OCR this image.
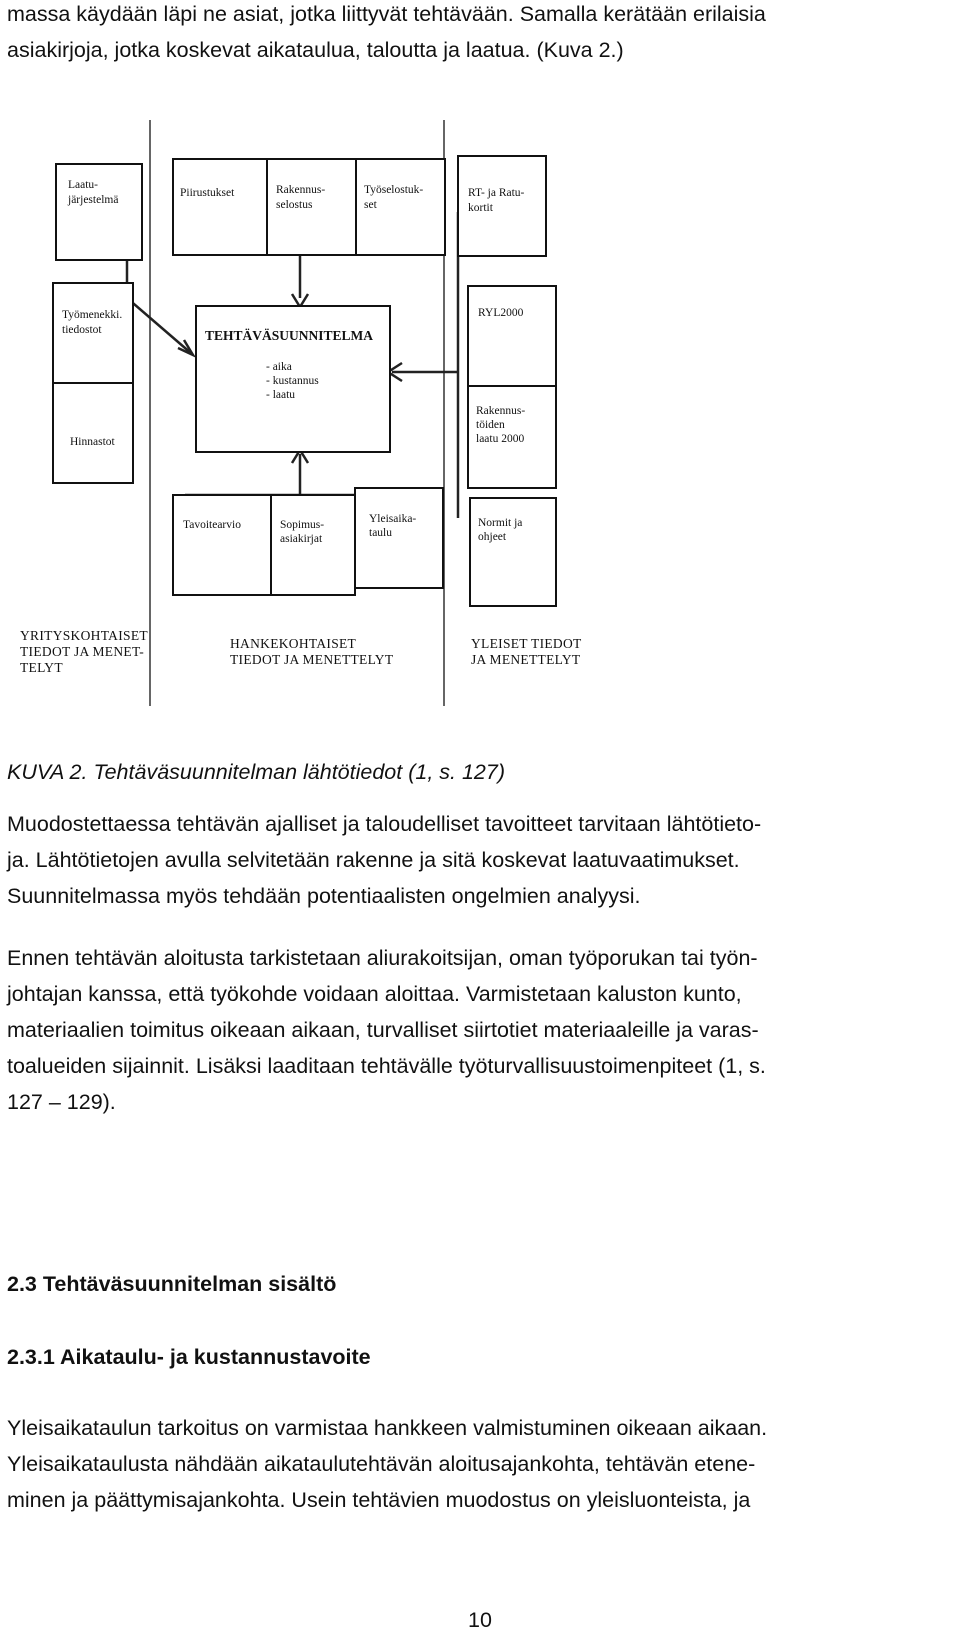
massa käydään läpi ne asiat, jotka liittyvät tehtävään. Samalla kerätään erilaisia
asiakirjoja, jotka koskevat aikataulua, taloutta ja laatua. (Kuva 2.)
Laatu-
järjestelmä
Piirustukset	Rakennus-
selostus
Työselostuk-
set
RT- ja Ratu-
kortit
Työmenekki.
tiedostot
Hinnastot
TEHTÄVÄSUUNNITELMA
- aika
- kustannus
- laatu
RYL2000
Rakennus-
töiden
laatu 2000
Tavoitearvio	Sopimus-
asiakirjat
Yleisaika-
taulu
Normit ja
ohjeet
YRITYSKOHTAISET
TIEDOT JA MENET-
TELYT
HANKEKOHTAISET
TIEDOT JA MENETTELYT
YLEISET TIEDOT
JA MENETTELYT
KUVA 2. Tehtäväsuunnitelman lähtötiedot (1, s. 127)
Muodostettaessa tehtävän ajalliset ja taloudelliset tavoitteet tarvitaan lähtötieto-
ja. Lähtötietojen avulla selvitetään rakenne ja sitä koskevat laatuvaatimukset.
Suunnitelmassa myös tehdään potentiaalisten ongelmien analyysi.
Ennen tehtävän aloitusta tarkistetaan aliurakoitsijan, oman työporukan tai työn-
johtajan kanssa, että työkohde voidaan aloittaa. Varmistetaan kaluston kunto,
materiaalien toimitus oikeaan aikaan, turvalliset siirtotiet materiaaleille ja varas-
toalueiden sijainnit. Lisäksi laaditaan tehtävälle työturvallisuustoimenpiteet (1, s.
127 – 129).
2.3 Tehtäväsuunnitelman sisältö
2.3.1 Aikataulu- ja kustannustavoite
Yleisaikataulun tarkoitus on varmistaa hankkeen valmistuminen oikeaan aikaan.
Yleisaikataulusta nähdään aikataulutehtävän aloitusajankohta, tehtävän etene-
minen ja päättymisajankohta. Usein tehtävien muodostus on yleisluonteista, ja
10
